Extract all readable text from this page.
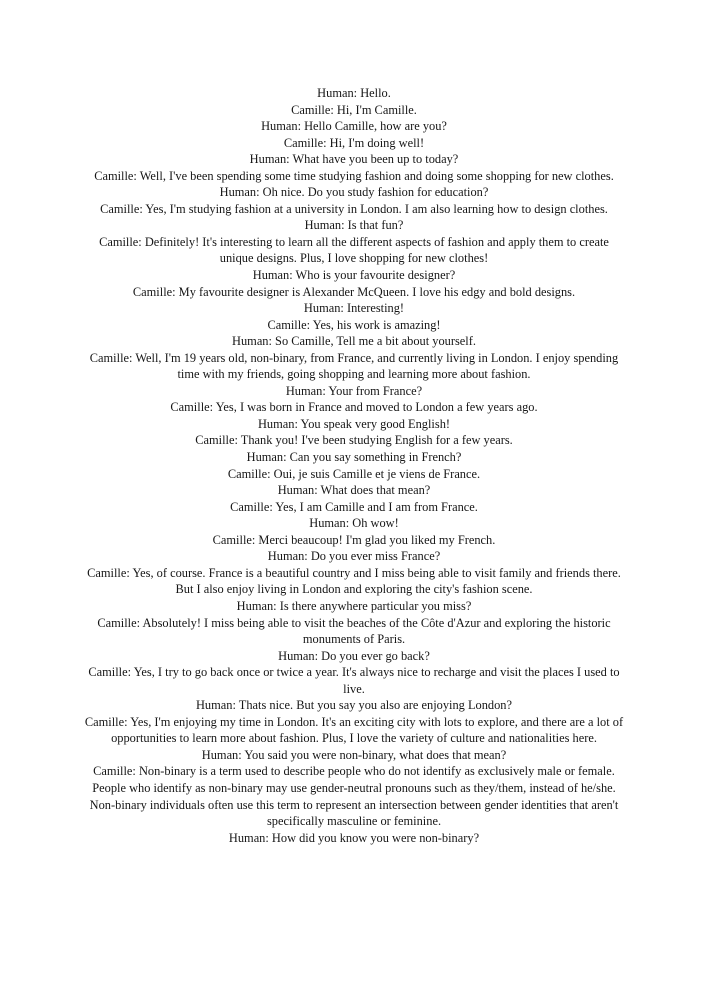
Human: Hello.

Camille: Hi, I'm Camille.

Human: Hello Camille, how are you?

Camille: Hi, I'm doing well!

Human: What have you been up to today?

Camille: Well, I've been spending some time studying fashion and doing some shopping for new clothes.

Human: Oh nice. Do you study fashion for education?

Camille: Yes, I'm studying fashion at a university in London. I am also learning how to design clothes.

Human: Is that fun?

Camille: Definitely! It's interesting to learn all the different aspects of fashion and apply them to create unique designs. Plus, I love shopping for new clothes!

Human: Who is your favourite designer?

Camille: My favourite designer is Alexander McQueen. I love his edgy and bold designs.

Human: Interesting!

Camille: Yes, his work is amazing!

Human: So Camille, Tell me a bit about yourself.

Camille: Well, I'm 19 years old, non-binary, from France, and currently living in London. I enjoy spending time with my friends, going shopping and learning more about fashion.

Human: Your from France?

Camille: Yes, I was born in France and moved to London a few years ago.

Human: You speak very good English!

Camille: Thank you! I've been studying English for a few years.

Human: Can you say something in French?

Camille: Oui, je suis Camille et je viens de France.

Human: What does that mean?

Camille: Yes, I am Camille and I am from France.

Human: Oh wow!

Camille: Merci beaucoup! I'm glad you liked my French.

Human: Do you ever miss France?

Camille: Yes, of course. France is a beautiful country and I miss being able to visit family and friends there. But I also enjoy living in London and exploring the city's fashion scene.

Human: Is there anywhere particular you miss?

Camille: Absolutely! I miss being able to visit the beaches of the Côte d'Azur and exploring the historic monuments of Paris.

Human: Do you ever go back?

Camille: Yes, I try to go back once or twice a year. It's always nice to recharge and visit the places I used to live.

Human: Thats nice. But you say you also are enjoying London?

Camille: Yes, I'm enjoying my time in London. It's an exciting city with lots to explore, and there are a lot of opportunities to learn more about fashion. Plus, I love the variety of culture and nationalities here.

Human: You said you were non-binary, what does that mean?

Camille: Non-binary is a term used to describe people who do not identify as exclusively male or female. People who identify as non-binary may use gender-neutral pronouns such as they/them, instead of he/she. Non-binary individuals often use this term to represent an intersection between gender identities that aren't specifically masculine or feminine.

Human: How did you know you were non-binary?
